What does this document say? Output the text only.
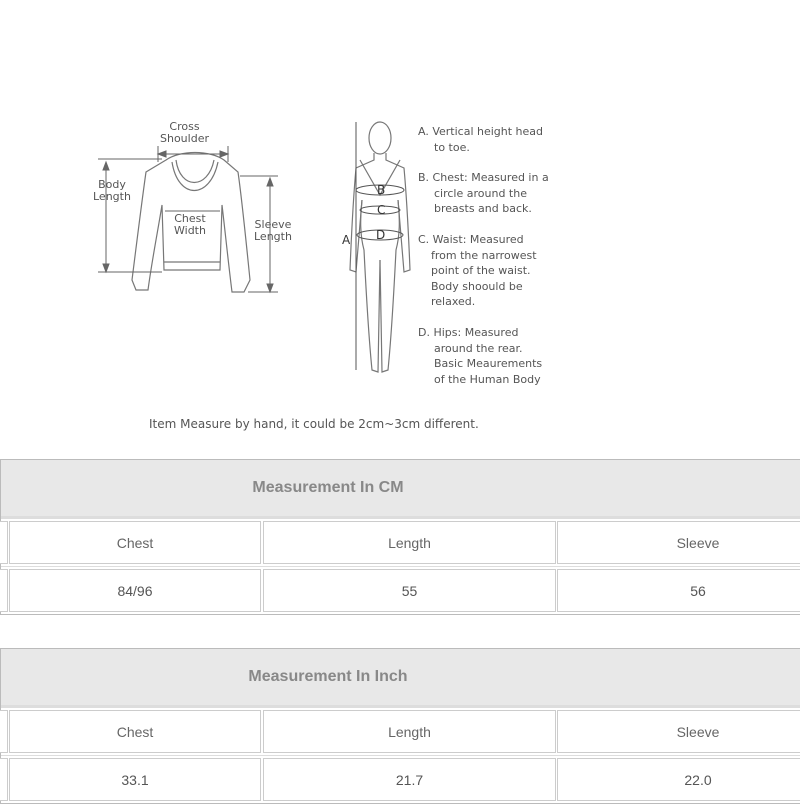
Cross
Shoulder
Body
Length
Chest
Width	Sleeve
Length	A
B
C
D
A. Vertical height head
to toe.
B. Chest: Measured in a
circle around the
breasts and back.
C. Waist: Measured
from the narrowest
point of the waist.
Body shoould be
relaxed.
D. Hips: Measured
around the rear.
Basic Meaurements
of the Human Body
Item Measure by hand, it could be 2cm~3cm different.
Measurement In CM
Chest	Length	Sleeve
84/96	55	56
Measurement In Inch
Chest	Length	Sleeve
33.1	21.7	22.0
